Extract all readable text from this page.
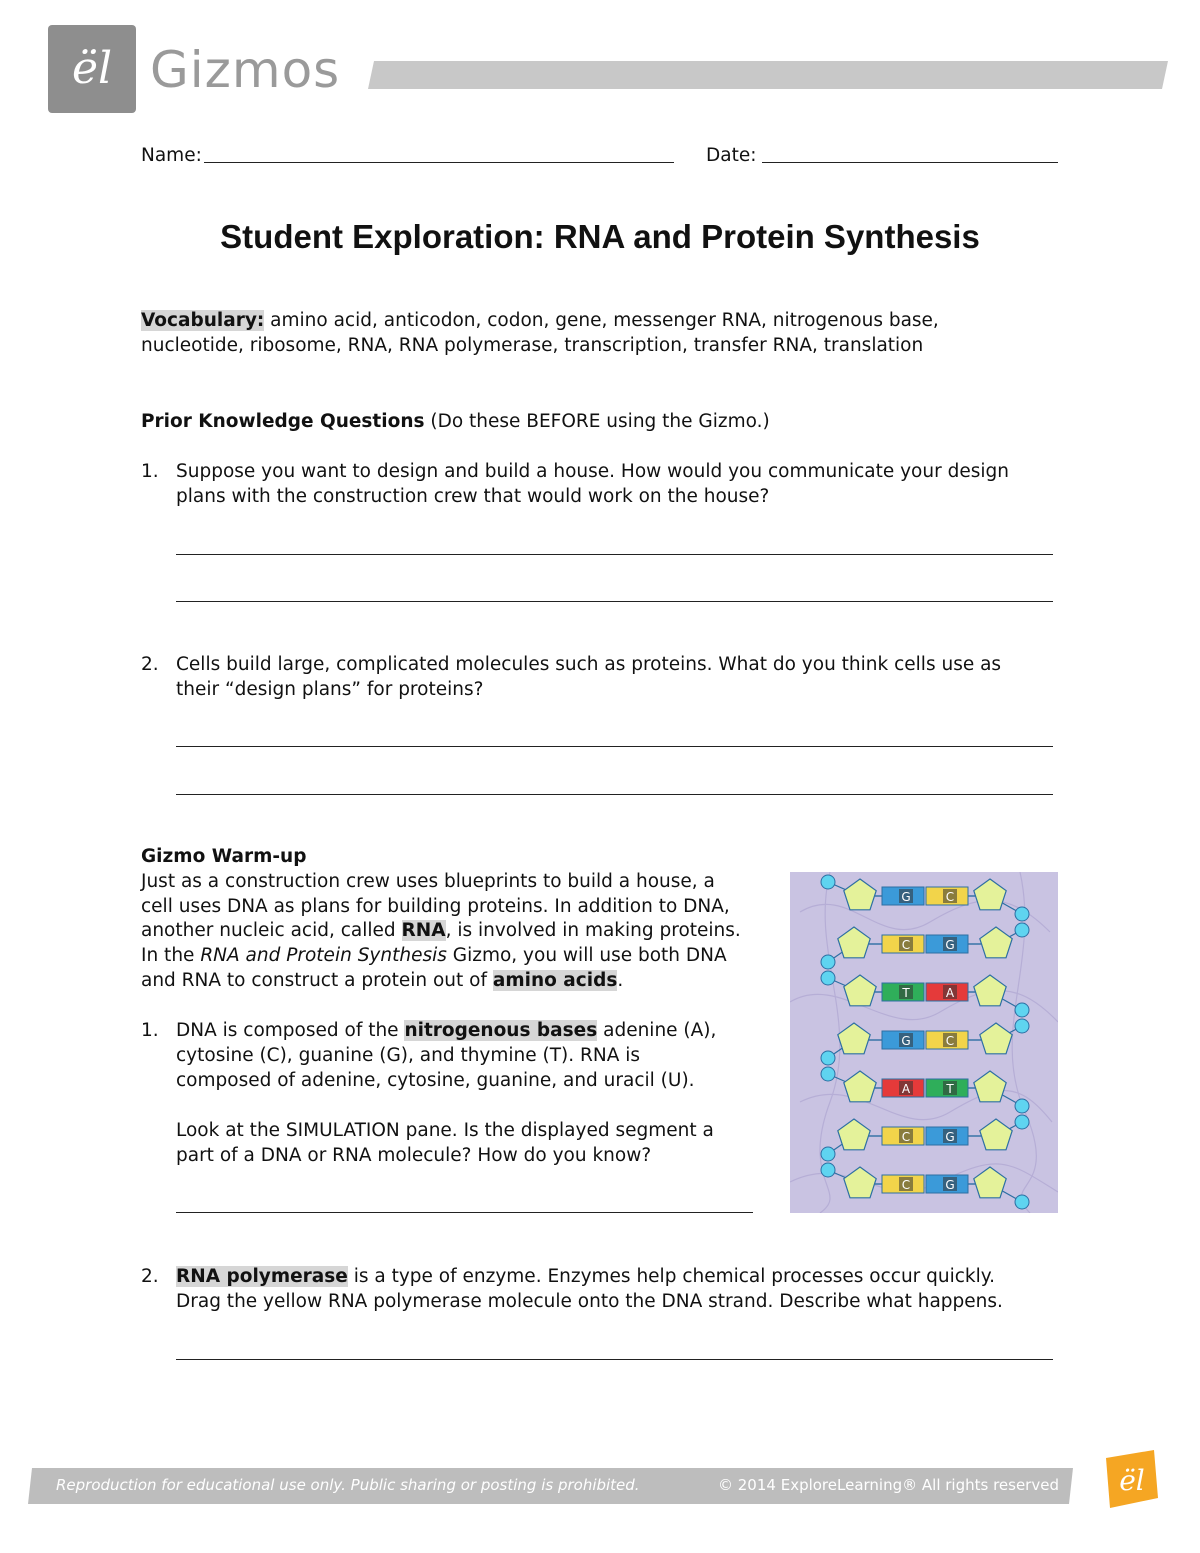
ël Gizmos
Name:	Date:
Student Exploration: RNA and Protein Synthesis
Vocabulary: amino acid, anticodon, codon, gene, messenger RNA, nitrogenous base,
nucleotide, ribosome, RNA, RNA polymerase, transcription, transfer RNA, translation
Prior Knowledge Questions (Do these BEFORE using the Gizmo.)
1. Suppose you want to design and build a house. How would you communicate your design
plans with the construction crew that would work on the house?
2. Cells build large, complicated molecules such as proteins. What do you think cells use as
their “design plans” for proteins?
Gizmo Warm-up
Just as a construction crew uses blueprints to build a house, a
cell uses DNA as plans for building proteins. In addition to DNA,
another nucleic acid, called RNA, is involved in making proteins.
In the RNA and Protein Synthesis Gizmo, you will use both DNA
and RNA to construct a protein out of amino acids.
1. DNA is composed of the nitrogenous bases adenine (A),
cytosine (C), guanine (G), and thymine (T). RNA is
composed of adenine, cytosine, guanine, and uracil (U).
Look at the SIMULATION pane. Is the displayed segment a
part of a DNA or RNA molecule? How do you know?
2. RNA polymerase is a type of enzyme. Enzymes help chemical processes occur quickly.
Drag the yellow RNA polymerase molecule onto the DNA strand. Describe what happens.
G	C
C	G
T	A
G	C
A	T
C	G
C	G
Reproduction for educational use only. Public sharing or posting is prohibited.	© 2014 ExploreLearning® All rights reserved ël
